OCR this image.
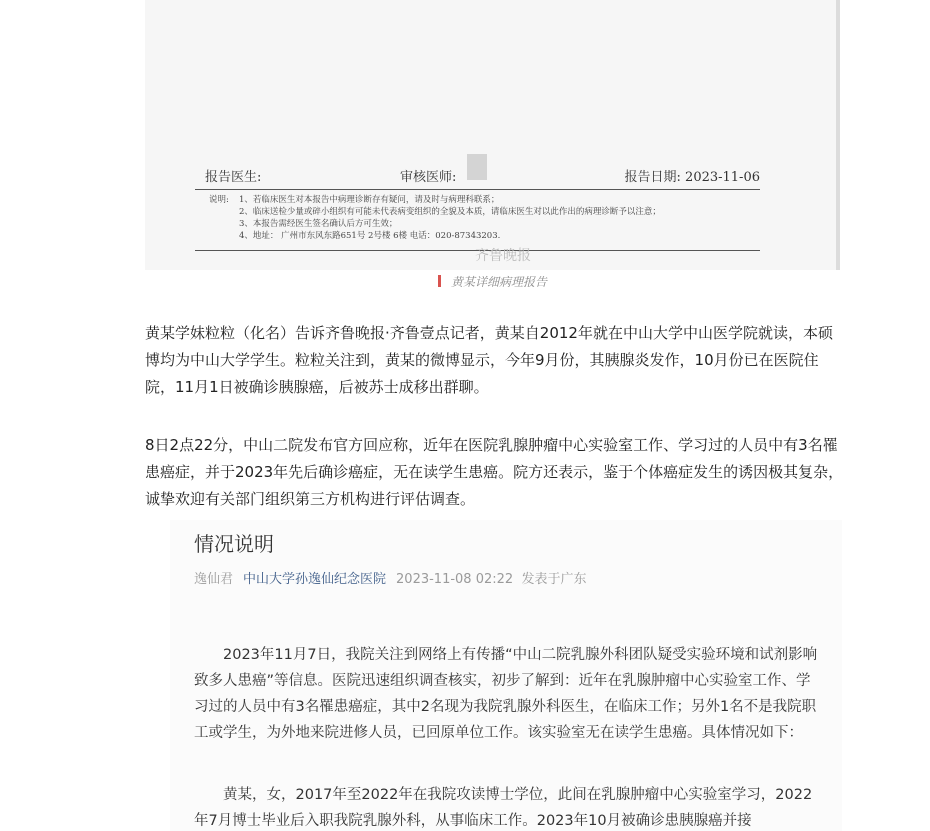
报告医生:	审核医师:	报告日期: 2023-11-06
说明: 1、若临床医生对本报告中病理诊断存有疑问，请及时与病理科联系；
2、临床送检少量或碎小组织有可能未代表病变组织的全貌及本质，请临床医生对以此作出的病理诊断予以注意；
3、本报告需经医生签名确认后方可生效；
4、地址： 广州市东风东路651号 2号楼 6楼 电话：020-87343203.
齐鲁晚报
黄某详细病理报告
黄某学妹粒粒（化名）告诉齐鲁晚报·齐鲁壹点记者，黄某自2012年就在中山大学中山医学院就读，本硕博均为中山大学学生。粒粒关注到，黄某的微博显示，今年9月份，其胰腺炎发作，10月份已在医院住院，11月1日被确诊胰腺癌，后被苏士成移出群聊。
8日2点22分，中山二院发布官方回应称，近年在医院乳腺肿瘤中心实验室工作、学习过的人员中有3名罹患癌症，并于2023年先后确诊癌症，无在读学生患癌。院方还表示，鉴于个体癌症发生的诱因极其复杂，诚挚欢迎有关部门组织第三方机构进行评估调查。
情况说明
逸仙君 中山大学孙逸仙纪念医院 2023-11-08 02:22 发表于广东
　　2023年11月7日，我院关注到网络上有传播“中山二院乳腺外科团队疑受实验环境和试剂影响致多人患癌”等信息。医院迅速组织调查核实，初步了解到：近年在乳腺肿瘤中心实验室工作、学习过的人员中有3名罹患癌症，其中2名现为我院乳腺外科医生，在临床工作；另外1名不是我院职工或学生，为外地来院进修人员，已回原单位工作。该实验室无在读学生患癌。具体情况如下：
　　黄某，女，2017年至2022年在我院攻读博士学位，此间在乳腺肿瘤中心实验室学习，2022年7月博士毕业后入职我院乳腺外科，从事临床工作。2023年10月被确诊患胰腺癌并接
